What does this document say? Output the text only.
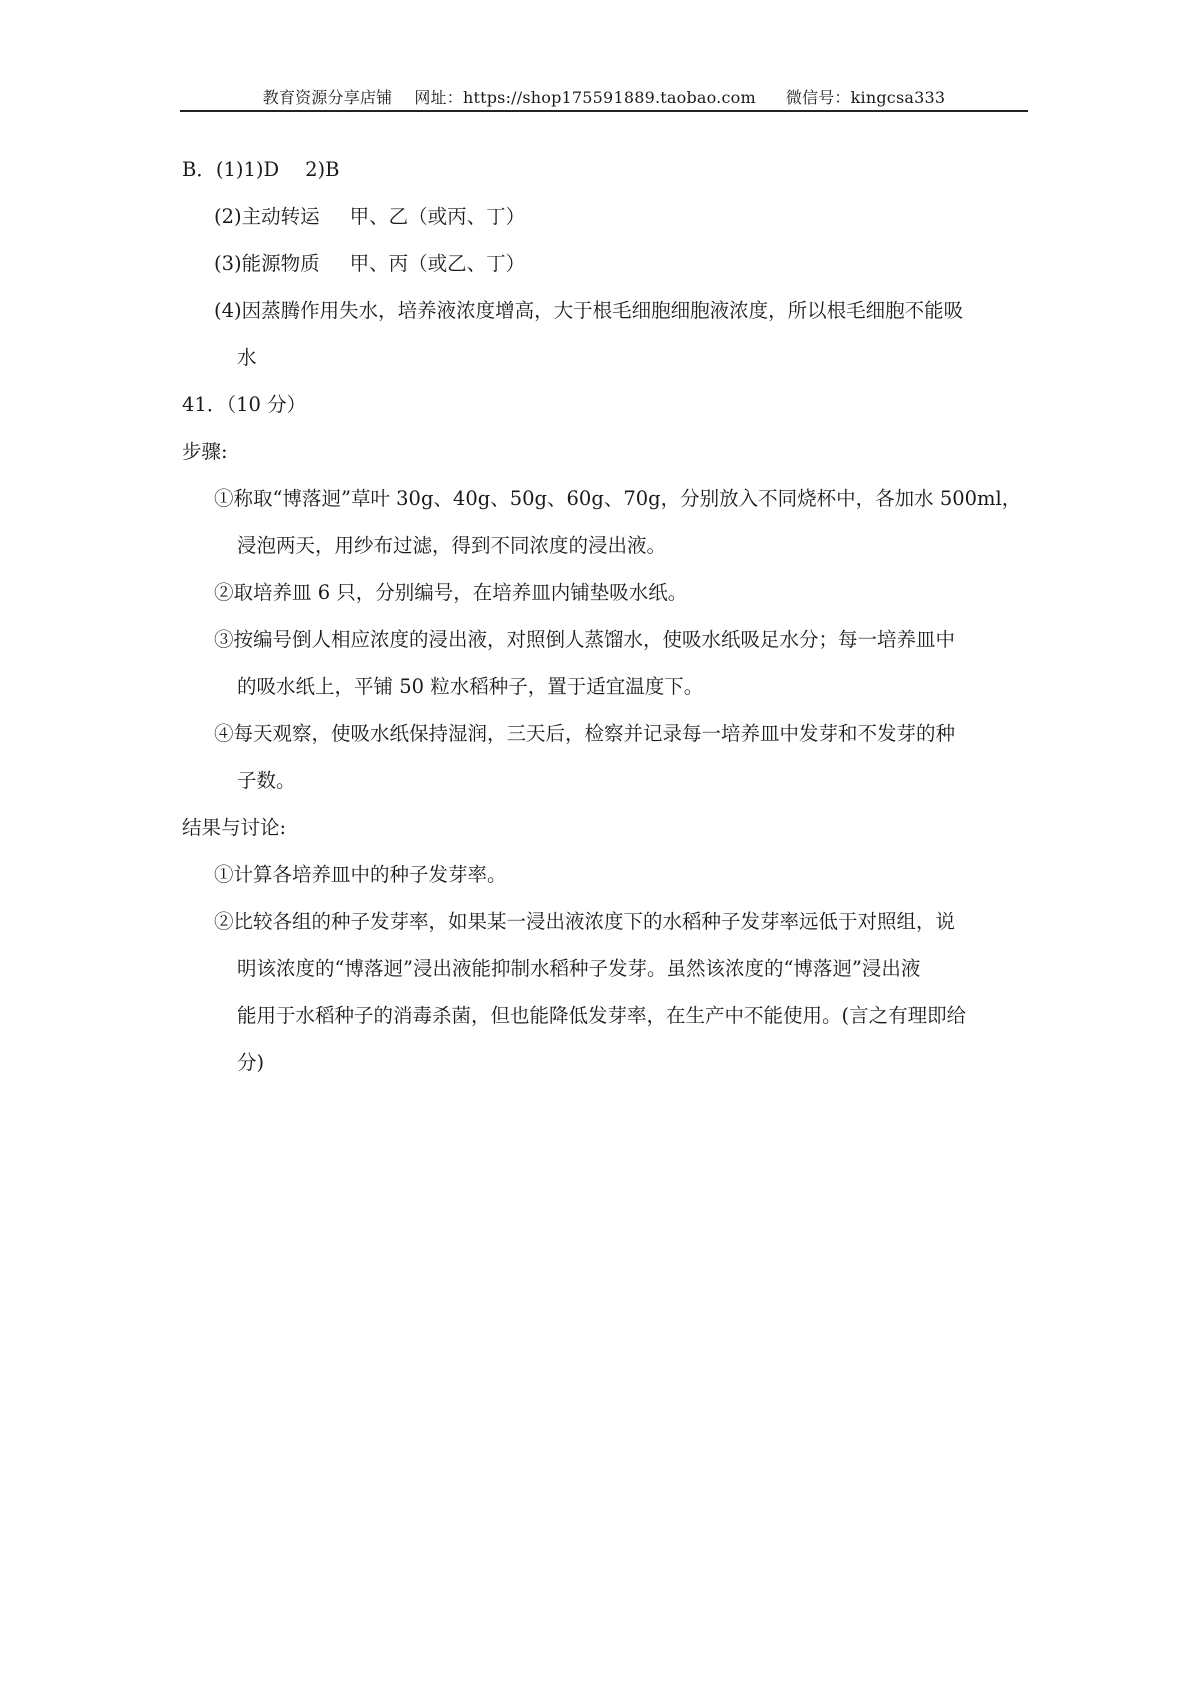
教育资源分享店铺 网址：https://shop175591889.taobao.com 微信号：kingcsa333
B．(1)1)D 2)B
(2)主动转运 甲、乙（或丙、丁）
(3)能源物质 甲、丙（或乙、丁）
(4)因蒸腾作用失水，培养液浓度增高，大于根毛细胞细胞液浓度，所以根毛细胞不能吸
水
41．（10 分）
步骤:
①称取“博落迥”草叶 30g、40g、50g、60g、70g，分别放入不同烧杯中，各加水 500ml，
浸泡两天，用纱布过滤，得到不同浓度的浸出液。
②取培养皿 6 只，分别编号，在培养皿内铺垫吸水纸。
③按编号倒人相应浓度的浸出液，对照倒人蒸馏水，使吸水纸吸足水分；每一培养皿中
的吸水纸上，平铺 50 粒水稻种子，置于适宜温度下。
④每天观察，使吸水纸保持湿润，三天后，检察并记录每一培养皿中发芽和不发芽的种
子数。
结果与讨论:
①计算各培养皿中的种子发芽率。
②比较各组的种子发芽率，如果某一浸出液浓度下的水稻种子发芽率远低于对照组，说
明该浓度的“博落迥”浸出液能抑制水稻种子发芽。虽然该浓度的“博落迥”浸出液
能用于水稻种子的消毒杀菌，但也能降低发芽率，在生产中不能使用。(言之有理即给
分)
